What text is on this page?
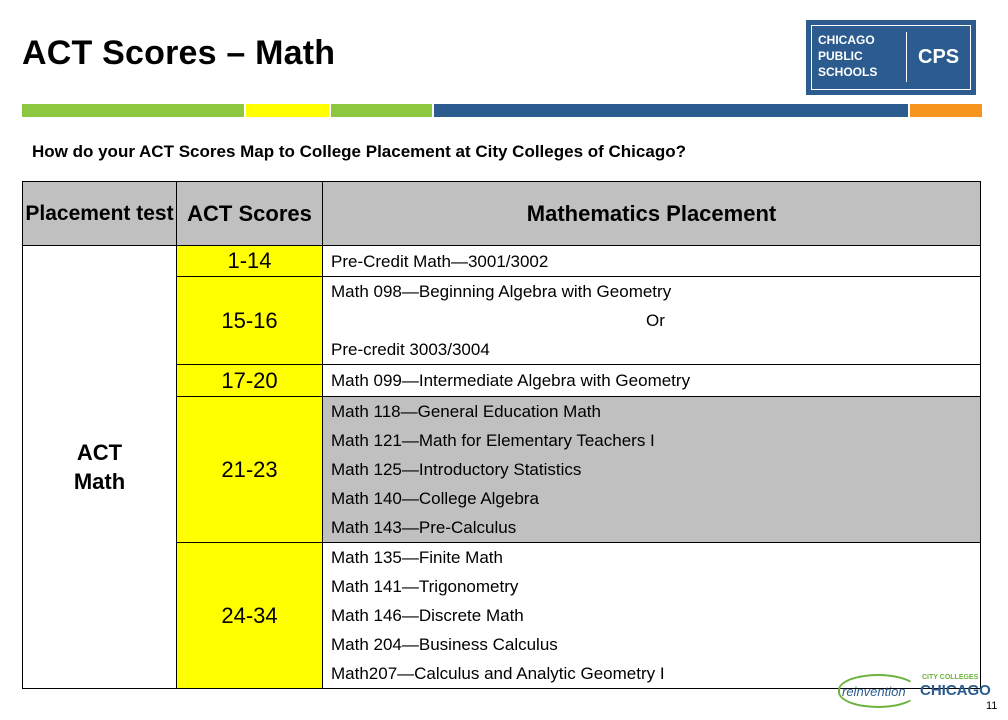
ACT Scores – Math	CHICAGO
PUBLIC
SCHOOLS
CPS
How do your ACT Scores Map to College Placement at City Colleges of Chicago?
Placement test	ACT Scores	Mathematics Placement
ACT
Math	1-14	Pre-Credit Math—3001/3002

	15-16	Math 098—Beginning Algebra with Geometry
Or
Pre-credit 3003/3004

	17-20	Math 099—Intermediate Algebra with Geometry

	21-23	Math 118—General Education Math
Math 121—Math for Elementary Teachers I
Math 125—Introductory Statistics
Math 140—College Algebra
Math 143—Pre-Calculus

	24-34	Math 135—Finite Math
Math 141—Trigonometry
Math 146—Discrete Math
Math 204—Business Calculus
Math207—Calculus and Analytic Geometry I
reinvention
CITY COLLEGES
CHICAGO
11
